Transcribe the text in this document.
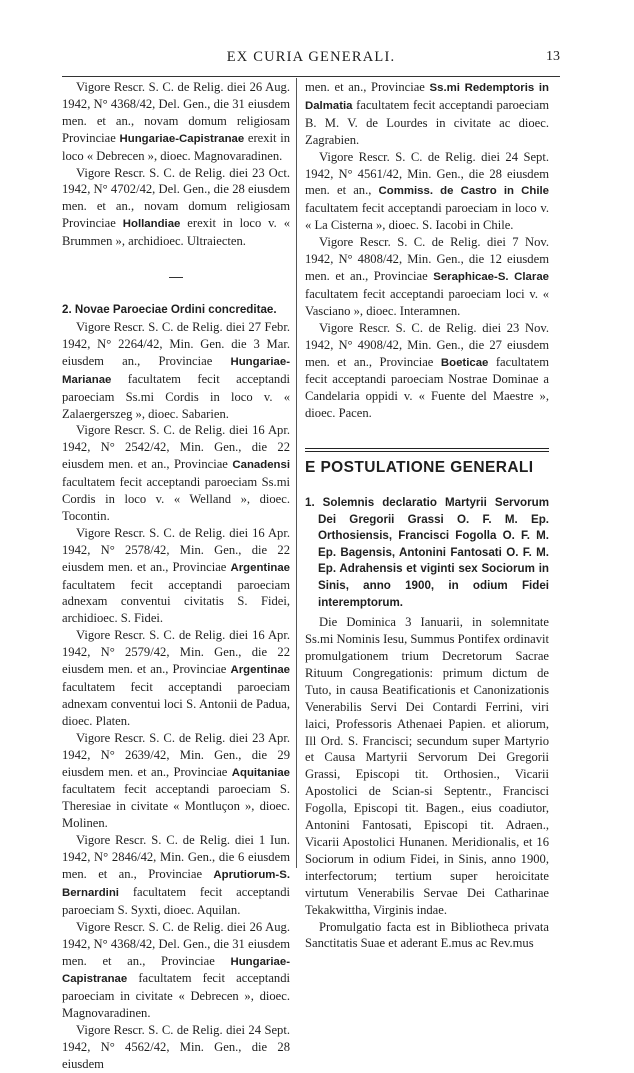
EX CURIA GENERALI.	13

Vigore Rescr. S. C. de Relig. diei 26 Aug. 1942, N° 4368/42, Del. Gen., die 31 eiusdem men. et an., novam domum religiosam Provinciae Hungariae-Capistranae erexit in loco « Debrecen », dioec. Magnovaradinen.

Vigore Rescr. S. C. de Relig. diei 23 Oct. 1942, N° 4702/42, Del. Gen., die 28 eiusdem men. et an., novam domum religiosam Provinciae Hollandiae erexit in loco v. « Brummen », archidioec. Ultraiecten.

2. Novae Paroeciae Ordini concreditae.

Vigore Rescr. S. C. de Relig. diei 27 Febr. 1942, N° 2264/42, Min. Gen. die 3 Mar. eiusdem an., Provinciae Hungariae-Marianae facultatem fecit acceptandi paroeciam Ss.mi Cordis in loco v. « Zalaergerszeg », dioec. Sabarien.

Vigore Rescr. S. C. de Relig. diei 16 Apr. 1942, N° 2542/42, Min. Gen., die 22 eiusdem men. et an., Provinciae Canadensi facultatem fecit acceptandi paroeciam Ss.mi Cordis in loco v. « Welland », dioec. Tocontin.

Vigore Rescr. S. C. de Relig. diei 16 Apr. 1942, N° 2578/42, Min. Gen., die 22 eiusdem men. et an., Provinciae Argentinae facultatem fecit acceptandi paroeciam adnexam conventui civitatis S. Fidei, archidioec. S. Fidei.

Vigore Rescr. S. C. de Relig. diei 16 Apr. 1942, N° 2579/42, Min. Gen., die 22 eiusdem men. et an., Provinciae Argentinae facultatem fecit acceptandi paroeciam adnexam conventui loci S. Antonii de Padua, dioec. Platen.

Vigore Rescr. S. C. de Relig. diei 23 Apr. 1942, N° 2639/42, Min. Gen., die 29 eiusdem men. et an., Provinciae Aquitaniae facultatem fecit acceptandi paroeciam S. Theresiae in civitate « Montluçon », dioec. Molinen.

Vigore Rescr. S. C. de Relig. diei 1 Iun. 1942, N° 2846/42, Min. Gen., die 6 eiusdem men. et an., Provinciae Aprutiorum-S. Bernardini facultatem fecit acceptandi paroeciam S. Syxti, dioec. Aquilan.

Vigore Rescr. S. C. de Relig. diei 26 Aug. 1942, N° 4368/42, Del. Gen., die 31 eiusdem men. et an., Provinciae Hungariae-Capistranae facultatem fecit acceptandi paroeciam in civitate « Debrecen », dioec. Magnovaradinen.

Vigore Rescr. S. C. de Relig. diei 24 Sept. 1942, N° 4562/42, Min. Gen., die 28 eiusdem

men. et an., Provinciae Ss.mi Redemptoris in Dalmatia facultatem fecit acceptandi paroeciam B. M. V. de Lourdes in civitate ac dioec. Zagrabien.

Vigore Rescr. S. C. de Relig. diei 24 Sept. 1942, N° 4561/42, Min. Gen., die 28 eiusdem men. et an., Commiss. de Castro in Chile facultatem fecit acceptandi paroeciam in loco v. « La Cisterna », dioec. S. Iacobi in Chile.

Vigore Rescr. S. C. de Relig. diei 7 Nov. 1942, N° 4808/42, Min. Gen., die 12 eiusdem men. et an., Provinciae Seraphicae-S. Clarae facultatem fecit acceptandi paroeciam loci v. « Vasciano », dioec. Interamnen.

Vigore Rescr. S. C. de Relig. diei 23 Nov. 1942, N° 4908/42, Min. Gen., die 27 eiusdem men. et an., Provinciae Boeticae facultatem fecit acceptandi paroeciam Nostrae Dominae a Candelaria oppidi v. « Fuente del Maestre », dioec. Pacen.

E POSTULATIONE GENERALI
1. Solemnis declaratio Martyrii Servorum Dei Gregorii Grassi O. F. M. Ep. Orthosiensis, Francisci Fogolla O. F. M. Ep. Bagensis, Antonini Fantosati O. F. M. Ep. Adrahensis et viginti sex Sociorum in Sinis, anno 1900, in odium Fidei interemptorum.

Die Dominica 3 Ianuarii, in solemnitate Ss.mi Nominis Iesu, Summus Pontifex ordinavit promulgationem trium Decretorum Sacrae Rituum Congregationis: primum dictum de Tuto, in causa Beatificationis et Canonizationis Venerabilis Servi Dei Contardi Ferrini, viri laici, Professoris Athenaei Papien. et aliorum, Ill Ord. S. Francisci; secundum super Martyrio et Causa Martyrii Servorum Dei Gregorii Grassi, Episcopi tit. Orthosien., Vicarii Apostolici de Scian-si Septentr., Francisci Fogolla, Episcopi tit. Bagen., eius coadiutor, Antonini Fantosati, Episcopi tit. Adraen., Vicarii Apostolici Hunanen. Meridionalis, et 16 Sociorum in odium Fidei, in Sinis, anno 1900, interfectorum; tertium super heroicitate virtutum Venerabilis Servae Dei Catharinae Tekakwittha, Virginis indae.

Promulgatio facta est in Bibliotheca privata Sanctitatis Suae et aderant E.mus ac Rev.mus
